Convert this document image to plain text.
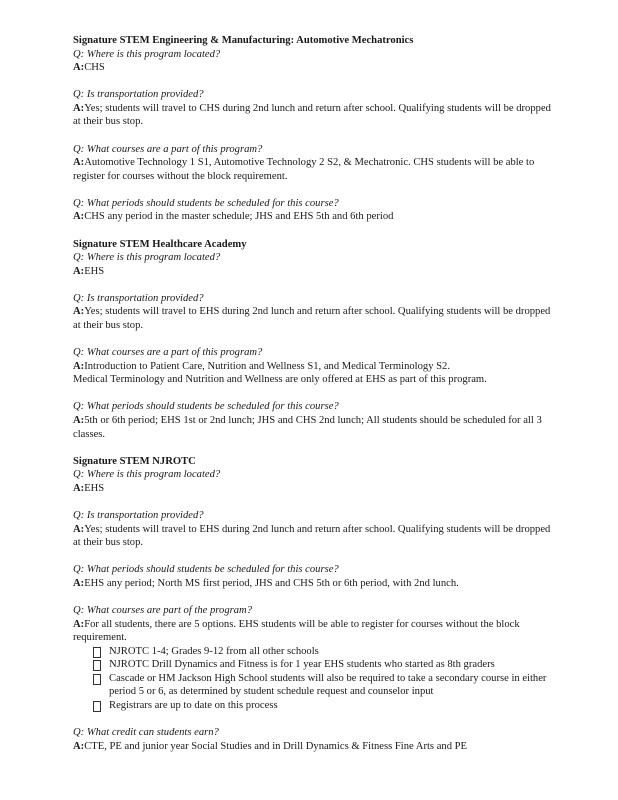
Signature STEM Engineering & Manufacturing: Automotive Mechatronics

Q: Where is this program located?

A:CHS

Q: Is transportation provided?

A:Yes; students will travel to CHS during 2nd lunch and return after school. Qualifying students will be dropped at their bus stop.

Q: What courses are a part of this program?

A:Automotive Technology 1 S1, Automotive Technology 2 S2, & Mechatronic. CHS students will be able to register for courses without the block requirement.

Q: What periods should students be scheduled for this course?

A:CHS any period in the master schedule; JHS and EHS 5th and 6th period

Signature STEM Healthcare Academy

Q: Where is this program located?

A:EHS

Q: Is transportation provided?

A:Yes; students will travel to EHS during 2nd lunch and return after school. Qualifying students will be dropped at their bus stop.

Q: What courses are a part of this program?

A:Introduction to Patient Care, Nutrition and Wellness S1, and Medical Terminology S2.

Medical Terminology and Nutrition and Wellness are only offered at EHS as part of this program.

Q: What periods should students be scheduled for this course?

A:5th or 6th period; EHS 1st or 2nd lunch; JHS and CHS 2nd lunch; All students should be scheduled for all 3 classes.

Signature STEM NJROTC

Q: Where is this program located?

A:EHS

Q: Is transportation provided?

A:Yes; students will travel to EHS during 2nd lunch and return after school. Qualifying students will be dropped at their bus stop.

Q: What periods should students be scheduled for this course?

A:EHS any period; North MS first period, JHS and CHS 5th or 6th period, with 2nd lunch.

Q: What courses are part of the program?

A:For all students, there are 5 options. EHS students will be able to register for courses without the block requirement.

NJROTC 1-4; Grades 9-12 from all other schools
NJROTC Drill Dynamics and Fitness is for 1 year EHS students who started as 8th graders
Cascade or HM Jackson High School students will also be required to take a secondary course in either period 5 or 6, as determined by student schedule request and counselor input
Registrars are up to date on this process

Q: What credit can students earn?

A:CTE, PE and junior year Social Studies and in Drill Dynamics & Fitness Fine Arts and PE
